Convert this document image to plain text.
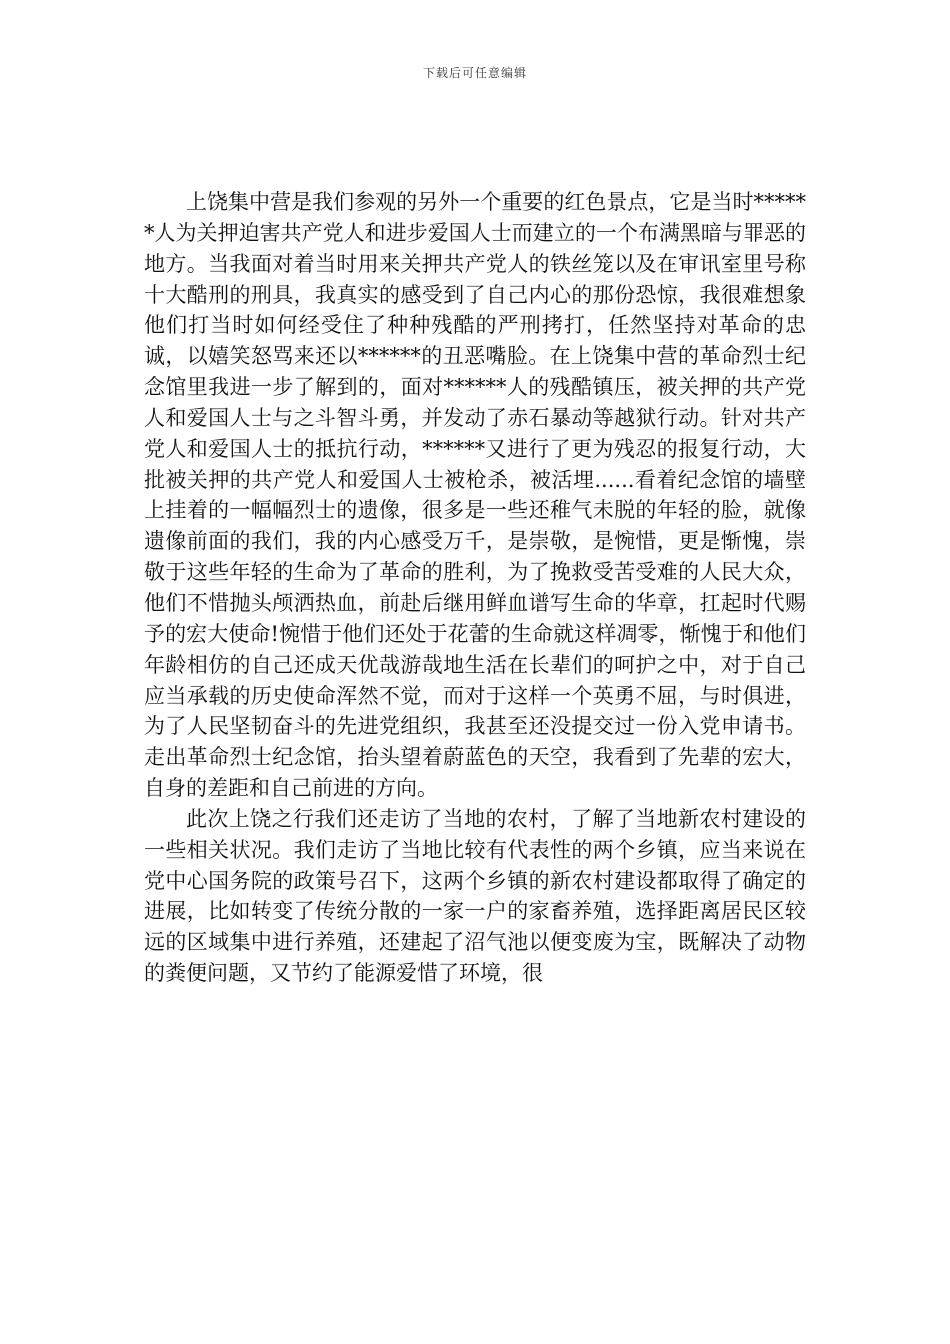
下载后可任意编辑

上饶集中营是我们参观的另外一个重要的红色景点，它是当时******人为关押迫害共产党人和进步爱国人士而建立的一个布满黑暗与罪恶的地方。当我面对着当时用来关押共产党人的铁丝笼以及在审讯室里号称十大酷刑的刑具，我真实的感受到了自己内心的那份恐惊，我很难想象他们打当时如何经受住了种种残酷的严刑拷打，任然坚持对革命的忠诚，以嬉笑怒骂来还以******的丑恶嘴脸。在上饶集中营的革命烈士纪念馆里我进一步了解到的，面对******人的残酷镇压，被关押的共产党人和爱国人士与之斗智斗勇，并发动了赤石暴动等越狱行动。针对共产党人和爱国人士的抵抗行动，******又进行了更为残忍的报复行动，大批被关押的共产党人和爱国人士被枪杀，被活埋......看着纪念馆的墙壁上挂着的一幅幅烈士的遗像，很多是一些还稚气未脱的年轻的脸，就像遗像前面的我们，我的内心感受万千，是崇敬，是惋惜，更是惭愧，崇敬于这些年轻的生命为了革命的胜利，为了挽救受苦受难的人民大众，他们不惜抛头颅洒热血，前赴后继用鲜血谱写生命的华章，扛起时代赐予的宏大使命!惋惜于他们还处于花蕾的生命就这样凋零，惭愧于和他们年龄相仿的自己还成天优哉游哉地生活在长辈们的呵护之中，对于自己应当承载的历史使命浑然不觉，而对于这样一个英勇不屈，与时俱进，为了人民坚韧奋斗的先进党组织，我甚至还没提交过一份入党申请书。走出革命烈士纪念馆，抬头望着蔚蓝色的天空，我看到了先辈的宏大，自身的差距和自己前进的方向。

此次上饶之行我们还走访了当地的农村，了解了当地新农村建设的一些相关状况。我们走访了当地比较有代表性的两个乡镇，应当来说在党中心国务院的政策号召下，这两个乡镇的新农村建设都取得了确定的进展，比如转变了传统分散的一家一户的家畜养殖，选择距离居民区较远的区域集中进行养殖，还建起了沼气池以便变废为宝，既解决了动物的粪便问题，又节约了能源爱惜了环境，很
